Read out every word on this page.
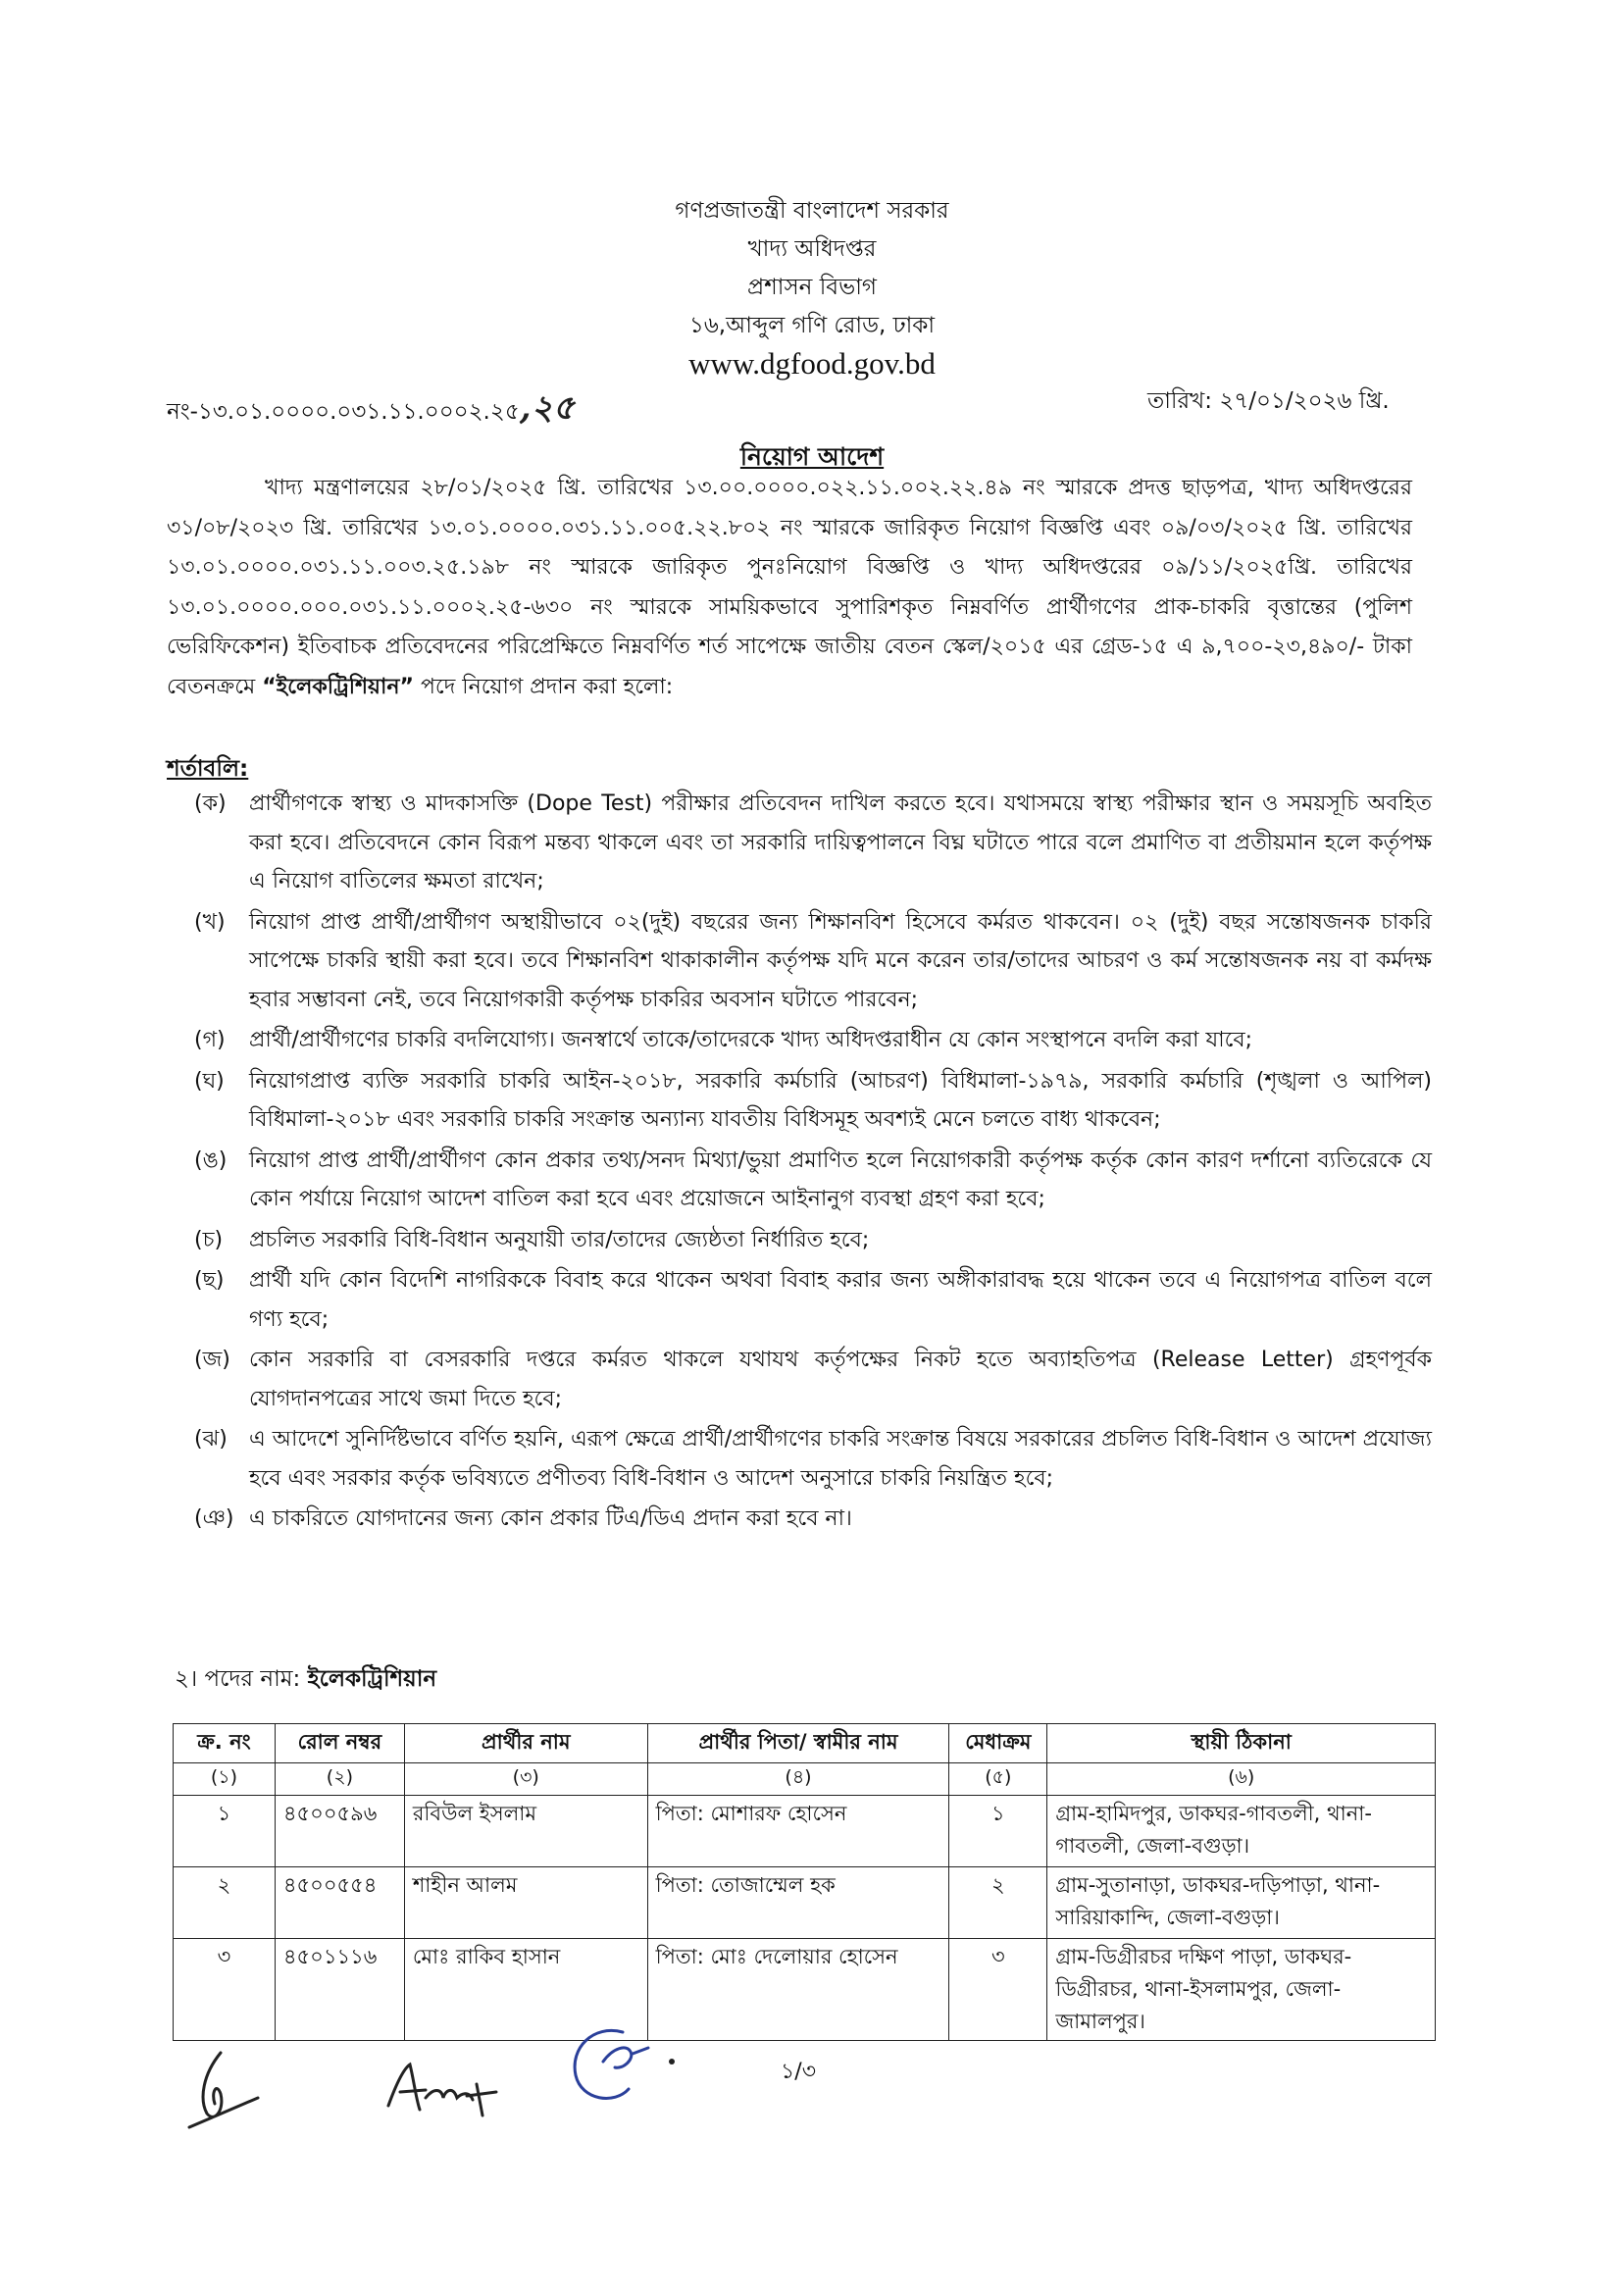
গণপ্রজাতন্ত্রী বাংলাদেশ সরকার
খাদ্য অধিদপ্তর
প্রশাসন বিভাগ
১৬,আব্দুল গণি রোড, ঢাকা
www.dgfood.gov.bd
নং-১৩.০১.০০০০.০৩১.১১.০০০২.২৫,২৫	তারিখ: ২৭/০১/২০২৬ খ্রি.
নিয়োগ আদেশ
খাদ্য মন্ত্রণালয়ের ২৮/০১/২০২৫ খ্রি. তারিখের ১৩.০০.০০০০.০২২.১১.০০২.২২.৪৯ নং স্মারকে প্রদত্ত ছাড়পত্র, খাদ্য অধিদপ্তরের ৩১/০৮/২০২৩ খ্রি. তারিখের ১৩.০১.০০০০.০৩১.১১.০০৫.২২.৮০২ নং স্মারকে জারিকৃত নিয়োগ বিজ্ঞপ্তি এবং ০৯/০৩/২০২৫ খ্রি. তারিখের ১৩.০১.০০০০.০৩১.১১.০০৩.২৫.১৯৮ নং স্মারকে জারিকৃত পুনঃনিয়োগ বিজ্ঞপ্তি ও খাদ্য অধিদপ্তরের ০৯/১১/২০২৫খ্রি. তারিখের ১৩.০১.০০০০.০০০.০৩১.১১.০০০২.২৫-৬৩০ নং স্মারকে সাময়িকভাবে সুপারিশকৃত নিম্নবর্ণিত প্রার্থীগণের প্রাক-চাকরি বৃত্তান্তের (পুলিশ ভেরিফিকেশন) ইতিবাচক প্রতিবেদনের পরিপ্রেক্ষিতে নিম্নবর্ণিত শর্ত সাপেক্ষে জাতীয় বেতন স্কেল/২০১৫ এর গ্রেড-১৫ এ ৯,৭০০-২৩,৪৯০/- টাকা বেতনক্রমে “ইলেকট্রিশিয়ান” পদে নিয়োগ প্রদান করা হলো:
শর্তাবলি:
(ক) প্রার্থীগণকে স্বাস্থ্য ও মাদকাসক্তি (Dope Test) পরীক্ষার প্রতিবেদন দাখিল করতে হবে। যথাসময়ে স্বাস্থ্য পরীক্ষার স্থান ও সময়সূচি অবহিত করা হবে। প্রতিবেদনে কোন বিরূপ মন্তব্য থাকলে এবং তা সরকারি দায়িত্বপালনে বিঘ্ন ঘটাতে পারে বলে প্রমাণিত বা প্রতীয়মান হলে কর্তৃপক্ষ এ নিয়োগ বাতিলের ক্ষমতা রাখেন;
(খ) নিয়োগ প্রাপ্ত প্রার্থী/প্রার্থীগণ অস্থায়ীভাবে ০২(দুই) বছরের জন্য শিক্ষানবিশ হিসেবে কর্মরত থাকবেন। ০২ (দুই) বছর সন্তোষজনক চাকরি সাপেক্ষে চাকরি স্থায়ী করা হবে। তবে শিক্ষানবিশ থাকাকালীন কর্তৃপক্ষ যদি মনে করেন তার/তাদের আচরণ ও কর্ম সন্তোষজনক নয় বা কর্মদক্ষ হবার সম্ভাবনা নেই, তবে নিয়োগকারী কর্তৃপক্ষ চাকরির অবসান ঘটাতে পারবেন;
(গ) প্রার্থী/প্রার্থীগণের চাকরি বদলিযোগ্য। জনস্বার্থে তাকে/তাদেরকে খাদ্য অধিদপ্তরাধীন যে কোন সংস্থাপনে বদলি করা যাবে;
(ঘ) নিয়োগপ্রাপ্ত ব্যক্তি সরকারি চাকরি আইন-২০১৮, সরকারি কর্মচারি (আচরণ) বিধিমালা-১৯৭৯, সরকারি কর্মচারি (শৃঙ্খলা ও আপিল) বিধিমালা-২০১৮ এবং সরকারি চাকরি সংক্রান্ত অন্যান্য যাবতীয় বিধিসমূহ অবশ্যই মেনে চলতে বাধ্য থাকবেন;
(ঙ) নিয়োগ প্রাপ্ত প্রার্থী/প্রার্থীগণ কোন প্রকার তথ্য/সনদ মিথ্যা/ভুয়া প্রমাণিত হলে নিয়োগকারী কর্তৃপক্ষ কর্তৃক কোন কারণ দর্শানো ব্যতিরেকে যে কোন পর্যায়ে নিয়োগ আদেশ বাতিল করা হবে এবং প্রয়োজনে আইনানুগ ব্যবস্থা গ্রহণ করা হবে;
(চ) প্রচলিত সরকারি বিধি-বিধান অনুযায়ী তার/তাদের জ্যেষ্ঠতা নির্ধারিত হবে;
(ছ) প্রার্থী যদি কোন বিদেশি নাগরিককে বিবাহ করে থাকেন অথবা বিবাহ করার জন্য অঙ্গীকারাবদ্ধ হয়ে থাকেন তবে এ নিয়োগপত্র বাতিল বলে গণ্য হবে;
(জ) কোন সরকারি বা বেসরকারি দপ্তরে কর্মরত থাকলে যথাযথ কর্তৃপক্ষের নিকট হতে অব্যাহতিপত্র (Release Letter) গ্রহণপূর্বক যোগদানপত্রের সাথে জমা দিতে হবে;
(ঝ) এ আদেশে সুনির্দিষ্টভাবে বর্ণিত হয়নি, এরূপ ক্ষেত্রে প্রার্থী/প্রার্থীগণের চাকরি সংক্রান্ত বিষয়ে সরকারের প্রচলিত বিধি-বিধান ও আদেশ প্রযোজ্য হবে এবং সরকার কর্তৃক ভবিষ্যতে প্রণীতব্য বিধি-বিধান ও আদেশ অনুসারে চাকরি নিয়ন্ত্রিত হবে;
(ঞ) এ চাকরিতে যোগদানের জন্য কোন প্রকার টিএ/ডিএ প্রদান করা হবে না।
২। পদের নাম: ইলেকট্রিশিয়ান
ক্র. নং	রোল নম্বর	প্রার্থীর নাম	প্রার্থীর পিতা/ স্বামীর নাম	মেধাক্রম	স্থায়ী ঠিকানা
(১)	(২)	(৩)	(৪)	(৫)	(৬)
১	৪৫০০৫৯৬	রবিউল ইসলাম	পিতা: মোশারফ হোসেন	১	গ্রাম-হামিদপুর, ডাকঘর-গাবতলী, থানা-গাবতলী, জেলা-বগুড়া।
২	৪৫০০৫৫৪	শাহীন আলম	পিতা: তোজাম্মেল হক	২	গ্রাম-সুতানাড়া, ডাকঘর-দড়িপাড়া, থানা-সারিয়াকান্দি, জেলা-বগুড়া।
৩	৪৫০১১১৬	মোঃ রাকিব হাসান	পিতা: মোঃ দেলোয়ার হোসেন	৩	গ্রাম-ডিগ্রীরচর দক্ষিণ পাড়া, ডাকঘর-ডিগ্রীরচর, থানা-ইসলামপুর, জেলা-জামালপুর।
১/৩
